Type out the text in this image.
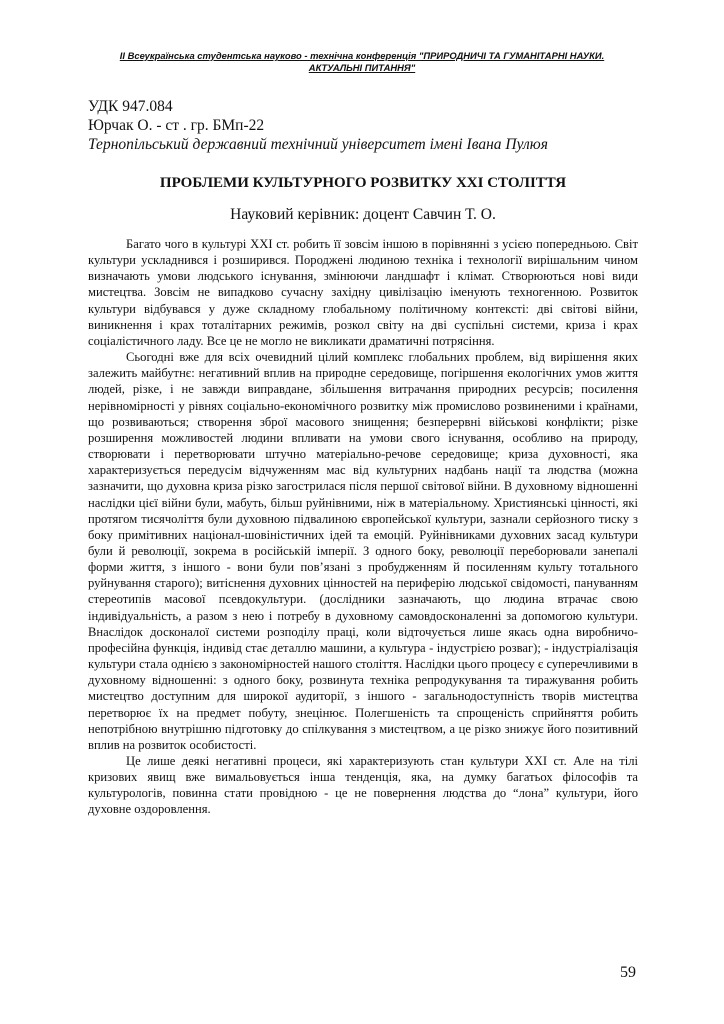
II Всеукраїнська студентська науково - технічна конференція "ПРИРОДНИЧІ ТА ГУМАНІТАРНІ НАУКИ.
АКТУАЛЬНІ ПИТАННЯ"
УДК 947.084
Юрчак О. - ст . гр. БМп-22
Тернопільський державний технічний університет імені Івана Пулюя
ПРОБЛЕМИ КУЛЬТУРНОГО РОЗВИТКУ XXI СТОЛІТТЯ
Науковий керівник: доцент Савчин Т. О.

Багато чого в культурі XXI ст. робить її зовсім іншою в порівнянні з усією попередньою. Світ культури ускладнився і розширився. Породжені людиною техніка і технології вирішальним чином визначають умови людського існування, змінюючи ландшафт і клімат. Створюються нові види мистецтва. Зовсім не випадково сучасну західну цивілізацію іменують техногенною. Розвиток культури відбувався у дуже складному глобальному політичному контексті: дві світові війни, виникнення і крах тоталітарних режимів, розкол світу на дві суспільні системи, криза і крах соціалістичного ладу. Все це не могло не викликати драматичні потрясіння.

Сьогодні вже для всіх очевидний цілий комплекс глобальних проблем, від вирішення яких залежить майбутнє: негативний вплив на природне середовище, погіршення екологічних умов життя людей, різке, і не завжди виправдане, збільшення витрачання природних ресурсів; посилення нерівномірності у рівнях соціально-економічного розвитку між промислово розвиненими і країнами, що розвиваються; створення зброї масового знищення; безперервні військові конфлікти; різке розширення можливостей людини впливати на умови свого існування, особливо на природу, створювати і перетворювати штучно матеріально-речове середовище; криза духовності, яка характеризується передусім відчуженням мас від культурних надбань нації та людства (можна зазначити, що духовна криза різко загострилася після першої світової війни. В духовному відношенні наслідки цієї війни були, мабуть, більш руйнівними, ніж в матеріальному. Християнські цінності, які протягом тисячоліття були духовною підвалиною європейської культури, зазнали серйозного тиску з боку примітивних націонал-шовіністичних ідей та емоцій. Руйнівниками духовних засад культури були й революції, зокрема в російській імперії. З одного боку, революції переборювали занепалі форми життя, з іншого - вони були пов’язані з пробудженням й посиленням культу тотального руйнування старого); витіснення духовних цінностей на периферію людської свідомості, пануванням стереотипів масової псевдокультури. (дослідники зазначають, що людина втрачає свою індивідуальність, а разом з нею і потребу в духовному самовдосконаленні за допомогою культури. Внаслідок досконалої системи розподілу праці, коли відточується лише якась одна виробничо-професійна функція, індивід стає деталлю машини, а культура - індустрією розваг); - індустріалізація культури стала однією з закономірностей нашого століття. Наслідки цього процесу є суперечливими в духовному відношенні: з одного боку, розвинута техніка репродукування та тиражування робить мистецтво доступним для широкої аудиторії, з іншого - загальнодоступність творів мистецтва перетворює їх на предмет побуту, знецінює. Полегшеність та спрощеність сприйняття робить непотрібною внутрішню підготовку до спілкування з мистецтвом, а це різко знижує його позитивний вплив на розвиток особистості.

Це лише деякі негативні процеси, які характеризують стан культури XXI ст. Але на тілі кризових явищ вже вимальовується інша тенденція, яка, на думку багатьох філософів та культурологів, повинна стати провідною - це не повернення людства до “лона” культури, його духовне оздоровлення.

59
